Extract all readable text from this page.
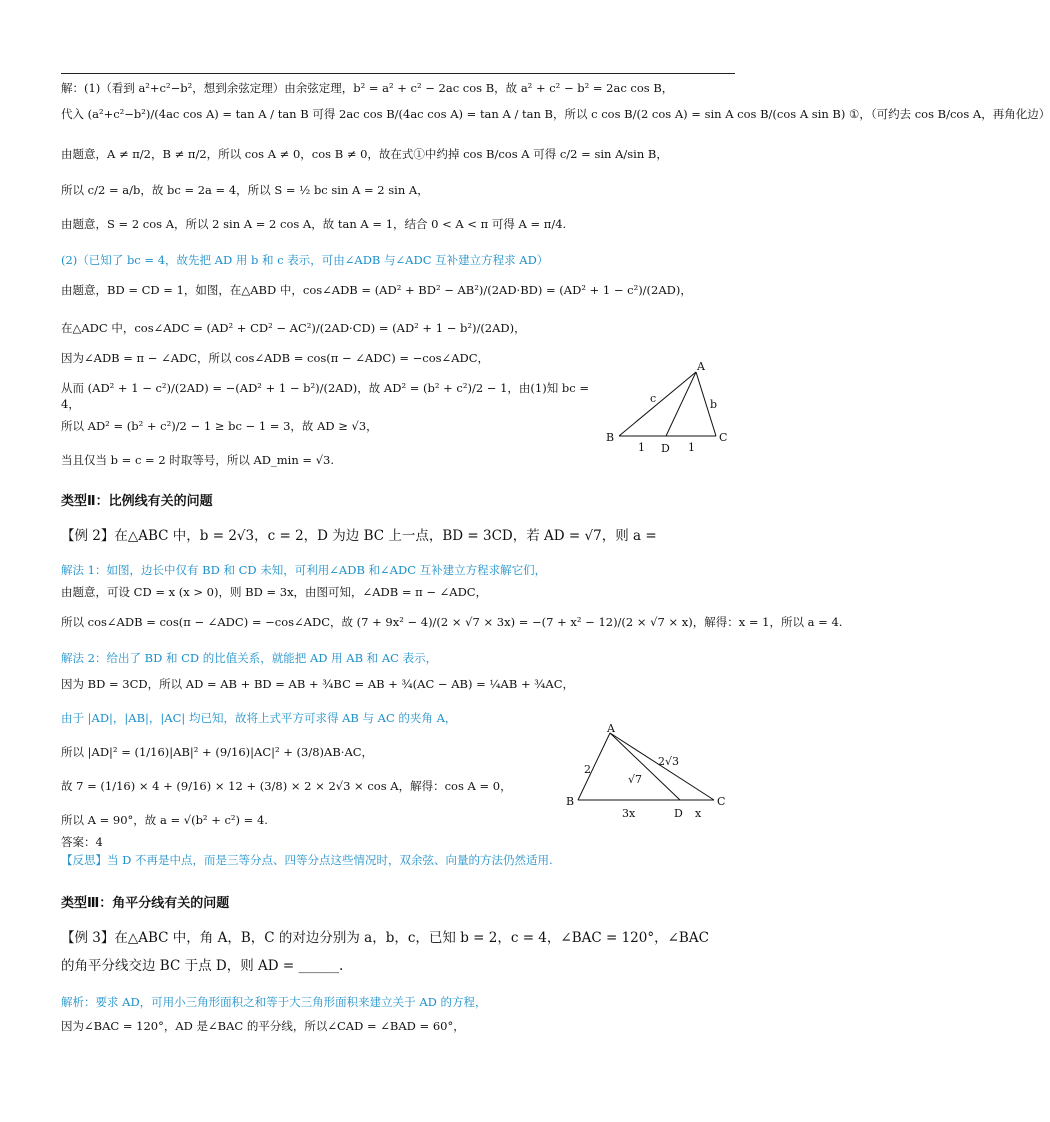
解：(1)（看到 a²+c²−b²，想到余弦定理）由余弦定理，b² = a² + c² − 2ac cos B，故 a² + c² − b² = 2ac cos B，
代入 (a²+c²−b²)/(4ac cos A) = tan A / tan B 可得 2ac cos B/(4ac cos A) = tan A / tan B，所以 c cos B/(2 cos A) = sin A cos B/(cos A sin B) ①，（可约去 cos B/cos A，再角化边）
由题意，A ≠ π/2，B ≠ π/2，所以 cos A ≠ 0，cos B ≠ 0，故在式①中约掉 cos B/cos A 可得 c/2 = sin A/sin B，
所以 c/2 = a/b，故 bc = 2a = 4，所以 S = ½ bc sin A = 2 sin A，
由题意，S = 2 cos A，所以 2 sin A = 2 cos A，故 tan A = 1，结合 0 < A < π 可得 A = π/4.
(2)（已知了 bc = 4，故先把 AD 用 b 和 c 表示，可由∠ADB 与∠ADC 互补建立方程求 AD）
由题意，BD = CD = 1，如图，在△ABD 中，cos∠ADB = (AD² + BD² − AB²)/(2AD·BD) = (AD² + 1 − c²)/(2AD)，
在△ADC 中，cos∠ADC = (AD² + CD² − AC²)/(2AD·CD) = (AD² + 1 − b²)/(2AD)，
因为∠ADB = π − ∠ADC，所以 cos∠ADB = cos(π − ∠ADC) = −cos∠ADC，
从而 (AD² + 1 − c²)/(2AD) = −(AD² + 1 − b²)/(2AD)，故 AD² = (b² + c²)/2 − 1，由(1)知 bc = 4，
所以 AD² = (b² + c²)/2 − 1 ≥ bc − 1 = 3，故 AD ≥ √3，
当且仅当 b = c = 2 时取等号，所以 AD_min = √3.
A
B	C
D
c	b
1	1
类型Ⅱ：比例线有关的问题
【例 2】在△ABC 中，b = 2√3，c = 2，D 为边 BC 上一点，BD = 3CD，若 AD = √7，则 a =
解法 1：如图，边长中仅有 BD 和 CD 未知，可利用∠ADB 和∠ADC 互补建立方程求解它们，
由题意，可设 CD = x (x > 0)，则 BD = 3x，由图可知，∠ADB = π − ∠ADC，
所以 cos∠ADB = cos(π − ∠ADC) = −cos∠ADC，故 (7 + 9x² − 4)/(2 × √7 × 3x) = −(7 + x² − 12)/(2 × √7 × x)，解得：x = 1，所以 a = 4.
解法 2：给出了 BD 和 CD 的比值关系，就能把 AD 用 AB 和 AC 表示，
因为 BD = 3CD，所以 AD = AB + BD = AB + ¾BC = AB + ¾(AC − AB) = ¼AB + ¾AC，
由于 |AD|，|AB|，|AC| 均已知，故将上式平方可求得 AB 与 AC 的夹角 A，
所以 |AD|² = (1/16)|AB|² + (9/16)|AC|² + (3/8)AB·AC，
故 7 = (1/16) × 4 + (9/16) × 12 + (3/8) × 2 × 2√3 × cos A，解得：cos A = 0，
所以 A = 90°，故 a = √(b² + c²) = 4.
答案：4
【反思】当 D 不再是中点，而是三等分点、四等分点这些情况时，双余弦、向量的方法仍然适用.
A
B	C
D
2
2√3
√7
3x	x
类型Ⅲ：角平分线有关的问题
【例 3】在△ABC 中，角 A，B，C 的对边分别为 a，b，c，已知 b = 2，c = 4，∠BAC = 120°，∠BAC
的角平分线交边 BC 于点 D，则 AD = ______.
解析：要求 AD，可用小三角形面积之和等于大三角形面积来建立关于 AD 的方程，
因为∠BAC = 120°，AD 是∠BAC 的平分线，所以∠CAD = ∠BAD = 60°，
